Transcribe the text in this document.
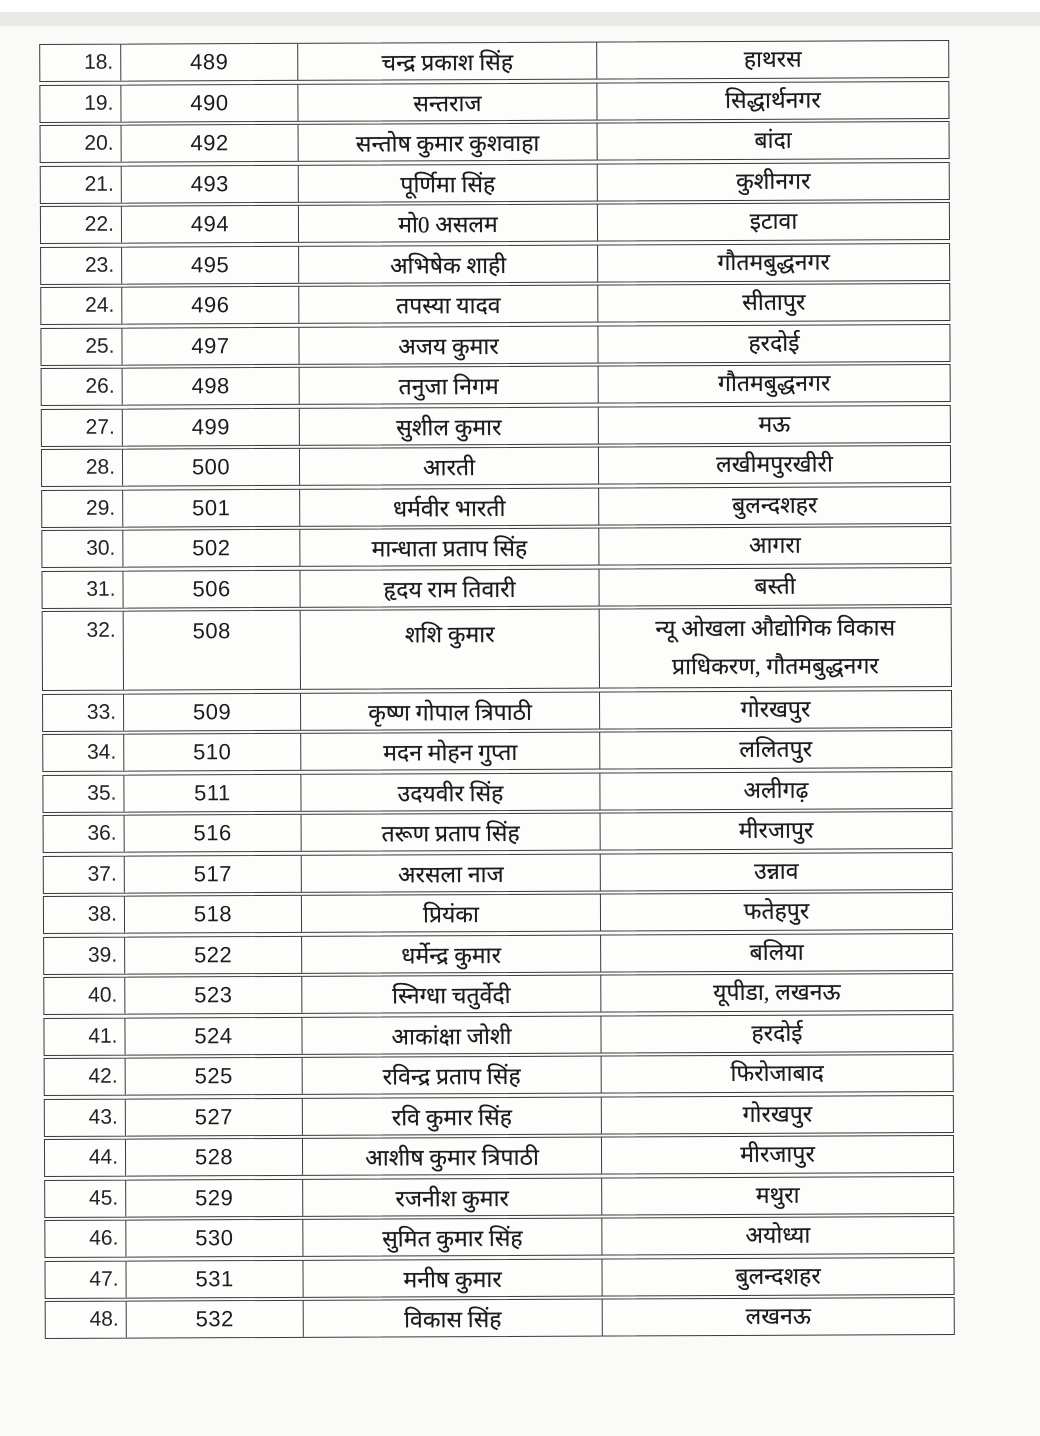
18.	489	चन्द्र प्रकाश सिंह	हाथरस
19.	490	सन्तराज	सिद्धार्थनगर
20.	492	सन्तोष कुमार कुशवाहा	बांदा
21.	493	पूर्णिमा सिंह	कुशीनगर
22.	494	मो0 असलम	इटावा
23.	495	अभिषेक शाही	गौतमबुद्धनगर
24.	496	तपस्या यादव	सीतापुर
25.	497	अजय कुमार	हरदोई
26.	498	तनुजा निगम	गौतमबुद्धनगर
27.	499	सुशील कुमार	मऊ
28.	500	आरती	लखीमपुरखीरी
29.	501	धर्मवीर भारती	बुलन्दशहर
30.	502	मान्धाता प्रताप सिंह	आगरा
31.	506	हृदय राम तिवारी	बस्ती
32.	508	शशि कुमार	न्यू ओखला औद्योगिक विकास प्राधिकरण, गौतमबुद्धनगर
33.	509	कृष्ण गोपाल त्रिपाठी	गोरखपुर
34.	510	मदन मोहन गुप्ता	ललितपुर
35.	511	उदयवीर सिंह	अलीगढ़
36.	516	तरूण प्रताप सिंह	मीरजापुर
37.	517	अरसला नाज	उन्नाव
38.	518	प्रियंका	फतेहपुर
39.	522	धर्मेन्द्र कुमार	बलिया
40.	523	स्निग्धा चतुर्वेदी	यूपीडा, लखनऊ
41.	524	आकांक्षा जोशी	हरदोई
42.	525	रविन्द्र प्रताप सिंह	फिरोजाबाद
43.	527	रवि कुमार सिंह	गोरखपुर
44.	528	आशीष कुमार त्रिपाठी	मीरजापुर
45.	529	रजनीश कुमार	मथुरा
46.	530	सुमित कुमार सिंह	अयोध्या
47.	531	मनीष कुमार	बुलन्दशहर
48.	532	विकास सिंह	लखनऊ
